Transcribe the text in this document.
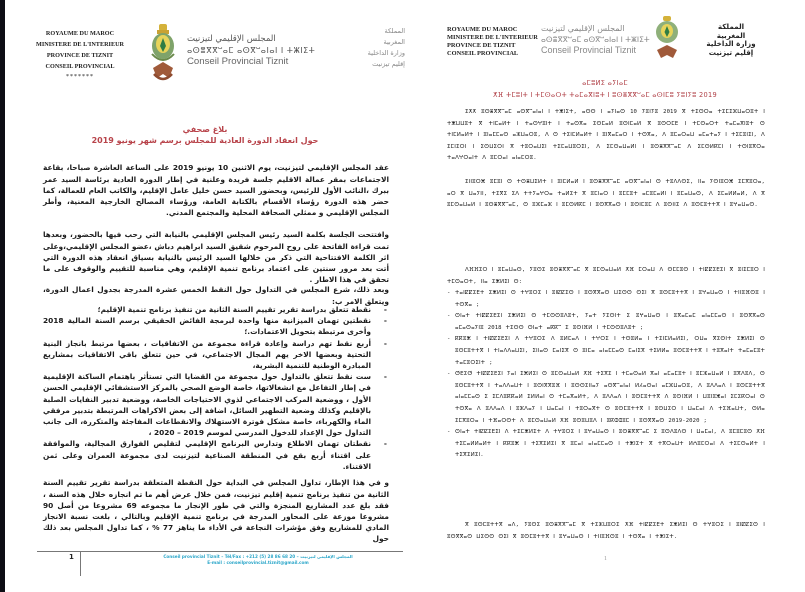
ROYAUME DU MAROC
MINISTERE DE L'INTERIEUR
PROVINCE DE TIZNIT
CONSEIL PROVINCIAL
*******
المجلس الإقليمي لتيزنيت
ⴰⵙⴻⴳⴳⵯⴰⵎ ⴰⵙⴳⵯⴰⵏⴰⵏ ⵏ ⵜⵥⵏⵉⵜ
Conseil Provincial Tiznit
المملكة
المغربية
وزارة الداخلية
إقليم تيزنيت
بلاغ صحفي
حول انعقاد الدورة العادية للمجلس برسم شهر يونيو 2019

عقد المجلس الإقليمي لتيزنيت، يوم الاثنين 10 يونيو 2019 على الساعة العاشرة صباحا، بقاعة الاجتماعات بمقر عمالة الاقليم جلسة فريدة وعلنية في إطار الدورة العادية برئاسة السيد عمر ببرك ،النائب الأول للرئيس، وبحضور السيد حسن خليل عامل الإقليم، والكاتب العام للعمالة، كما حضر هذه الدورة رؤساء الأقسام بالكتابة العامة، ورؤساء المصالح الخارجية المعنية، وأطر المجلس الإقليمي و ممثلي الصحافة المحلية والمجتمع المدني.

وافتتحت الجلسة بكلمة السيد رئيس المجلس الإقليمي بالنيابة التي رحب فيها بالحضور، وبعدها تمت قراءة الفاتحة على روح المرحوم شقيق السيد ابراهيم دباش ،عضو المجلس الإقليمي،وعلى اثر الكلمة الافتتاحية التي ذكر من خلالها السيد الرئيس بالنيابة بسياق انعقاد هذه الدورة التي أتت بعد مرور سنتين على اعتماد برنامج تنمية الإقليم، وهي مناسبة للتقييم والوقوف على ما تحقق في هذا الاطار .

وبعد ذلك، شرع المجلس في التداول حول النقط الخمس عشرة المدرجة بجدول اعمال الدورة، ويتعلق الامر ب:

-
نقطة تتعلق بدراسة تقرير تقييم السنة الثانية من تنفيذ برنامج تنمية الإقليم؛
-
نقطتين تهمان الميزانية منها واحدة لبرمجة الفائض الحقيقي برسم السنة المالية 2018 وأخرى مرتبطة بتحويل الاعتمادات.؛
-
أربع نقط تهم دراسة وإعادة قراءة مجموعة من الاتفاقيات ، بعضها مرتبط بانجاز البنية التحتية وبعضها الاخر يهم المجال الاجتماعي، في حين تتعلق باقي الاتفاقيات بمشاريع المبادرة الوطنية للتنمية البشرية،
-
ست نقط تتعلق بالتداول حول مجموعة من القضايا التي تستأثر باهتمام الساكنة الإقليمية في إطار التفاعل مع انشغالاتها، خاصة الوضع الصحي بالمركز الاستشفائي الإقليمي الحسن الأول ، ووضعية المركب الاجتماعي لذوي الاحتياجات الخاصة، ووضعية تدبير النفايات الصلبة بالإقليم وكذلك وضعية التطهير السائل، اضافة إلى بعض الاكراهات المرتبطة بتدبير مرفقي الماء والكهرباء، خاصة مشكل فوترة الاستهلاك والانقطاعات المفاجئة والمتكررة، الى جانب التداول حول الإعداد للدخول المدرسي لموسم 2019 – 2020 ،
-
نقطتان تهمان الاطلاع وتدارس البرنامج الإقليمي لتقليص الفوارق المجالية، والموافقة على اقتناء أربع بقع في المنطقة الصناعية لتيزنيت لدى مجموعة العمران وعلى ثمن الاقتناء.

و في هذا الإطار، تداول المجلس في البداية حول النقطة المتعلقة بدراسة تقرير تقييم السنة الثانية من تنفيذ برنامج تنمية إقليم تيزنيت، فمن خلال عرض أهم ما تم انجازه خلال هذه السنة ، فقد بلغ عدد المشاريع المنجزة والتي في طور الإنجاز ما مجموعه 69 مشروعا من أصل 90 مشروعا موزعة على المحاور المدرجة في برنامج تنمية الإقليم وبالتالي ، بلغت نسبة الانجاز المادي للمشاريع وفق مؤشرات النجاعة في الأداء ما يناهز 77 % ، كما تداول المجلس بعد ذلك حول

1	Conseil provincial Tiznit – Tél/Fax : +212 (5) 28 86 68 20 – المجلس الإقليمي لتيزنيت
E-mail : conseilprovincial.tiznit@gmail.com
ROYAUME DU MAROC
MINISTERE DE L'INTERIEUR
PROVINCE DE TIZNIT
CONSEIL PROVINCIAL
المجلس الإقليمي لتيزنيت
ⴰⵙⴻⴳⴳⵯⴰⵎ ⴰⵙⴳⵯⴰⵏⴰⵏ ⵏ ⵜⵥⵏⵉⵜ
Conseil Provincial Tiznit
المملكة
المغربية
وزارة الداخلية
إقليم تيزنيت
ⴰⵎⵓⵍⵉ ⴰⵢⵏⴰⵎ
ⵅⴼ ⵜⵎⵓⵏⵜ ⵏ ⵜⵎⵙⴰⵔⵜ ⵜⴰⵎⴰⴳⵏⵓⵜ ⵏ ⵓⵙⴻⴳⴳⵯⴰⵎ ⴰⵙⵏⵎⵓ ⵢⵓⵏⵢⵓ 2019

ⵉⵅⵅ ⵓⵙⴻⴳⴳⵯⴰⵎ ⴰⵙⴳⵯⴰⵏⴰⵏ ⵏ ⵜⵥⵏⵉⵜ, ⴰⵙⵙ ⵏ ⴰⵢⵏⴰⵙ 10 ⵢⵓⵏⵢⵓ 2019 ⴳ ⵜⵉⵙⵔⴰ ⵜⵉⵎⵉⵣⵡⴰⵔⵓⵜ ⵏ ⵜⵥⵡⵡⵓⵜ ⴳ ⵜⵏⵎⴰⵍⵜ ⵏ ⵜⴰⵙⵖⵓⵏⵜ ⵏ ⵜⴰⵙⴳⴰ ⵉⵙⵎⴰⵍ ⵓⵙⵏⵎⴰⵍ ⴳ ⵓⵙⵔⵎⴹ ⵏ ⵜⵎⵙⴰⵔⵜ ⵜⴰⵎⴰⴳⵏⵓⵜ ⵙ ⵜⵏⵎⵍⴰⵍⵜ ⵏ ⵓⵏⴰⵎⵎⴰⵙ ⴰⵣⵡⴰⵔⵓ, ⴷ ⵙ ⵜⵉⵏⵎⵍⴰⵍⵜ ⵏ ⵓⵏⴳⴰⵎⴰⵔ ⵏ ⵜⵙⴳⴰ, ⴷ ⵓⵎⴰⵔⴰⵡ ⴰⵎⴰⵜⴰⵢ ⵏ ⵜⵉⵎⵓⵏⵉⵏ, ⴷ ⵉⵎⵏⵉⵔⵏ ⵏ ⵉⵙⵡⵉⵔⵏ ⴳ ⵜⵓⵔⴰⵡⵉⵏ ⵜⵉⵎⴰⵡⵓⵔⵉⵏ, ⴷ ⵉⵎⵙⴰⵡⴰⵍⵏ ⵏ ⵓⵙⴻⴳⴳⵯⴰⵎ ⴷ ⵉⵎⵙⵍⴽⵎⵏ ⵏ ⵜⵙⵏⵓⴳⵔⴰ ⵜⴰⴷⵖⵔⴰⵏⵜ ⴷ ⵓⵎⵔⴰⵏ ⴰⵏⴰⵎⵔⵓ.

ⵉⵏⵏⵓⵔⵥ ⵓⵎⵓⵏ ⵙ ⵜⵙⴻⵡⵉⵍⵜ ⵏ ⵓⵏⵎⵍⴰⵍ ⵏ ⵓⵙⴻⴳⴳⵯⴰⵎ ⴰⵙⴳⵯⴰⵏⴰⵏ ⵙ ⵜⵓⴷⴷⵙⵉ, ⵏⵏⴰ ⵢⵙⵏⵓⵔⵥ ⵉⵎⴳⵓⵔⴰ, ⴰⵔ ⴳ ⵡⴰⵢⵏⵏ, ⵜⵉⴳⵉ ⵉⴷ ⵜⵜⵢⴰⵖⵔⴰ ⵜⴰⵍⵉⵜ ⴳ ⵓⵎⵏⴰⵔ ⵏ ⵓⵎⵎⵓⵜ ⴰⵎⵓⵎⴰⵍⵏ ⵏ ⵓⵎⴰⵡⴰⵙ, ⴷ ⵉⵎⴰⵍⵍⴰⵍ, ⴷ ⴳ ⵓⵎⵙⴰⵡⴰⵍ ⵏ ⵓⵙⴻⴳⴳⵯⴰⵎ, ⵙ ⵓⵣⵎⴰⵣ ⵏ ⵓⵎⵙⵍⴽⵎ ⵏ ⵓⵙⴳⴳⴰⵙ ⵏ ⵓⵙⵏⵎⵓⵎ ⴷ ⵓⵙⵏⵏⵉ ⴷ ⵓⵙⵎⵓⵜⵜⴳ ⵏ ⵓⵖⴰⵡⴰⵙ.

ⴷⴼⴼⵉⵔ ⵏ ⵓⵎⴰⵡⴰⵙ, ⵢⵓⵙⵉ ⵓⵙⴻⴳⴳⵯⴰⵎ ⴳ ⵓⵎⵙⴰⵡⴰⵍ ⵅⴼ ⵎⵔⴰⵡ ⴷ ⵙⵎⵎⵓⵙ ⵏ ⵜⵏⵇⵇⵉⴹⵉⵏ ⴳ ⵓⵏⵉⵎⵓⵔ ⵏ ⵜⵎⵙⴰⵔⵜ, ⵏⵏⴰ ⵉⵥⵍⵉⵏ ⵙ:

- ⵜⴰⵏⵇⵇⵉⴹⵜ ⵉⵥⵍⵉⵏ ⵙ ⵜⵖⵓⵔⵉ ⵏ ⵓⵏⵇⵇⵉⵙ ⵏ ⵓⵙⴳⴳⴰⵙ ⵡⵉⵙⵙ ⵙⵉⵏ ⴳ ⵓⵙⵎⵓⵜⵜⴳ ⵏ ⵓⵖⴰⵡⴰⵙ ⵏ ⵜⵏⵏⵓⴼⵙⵓ ⵏ ⵜⵙⴳⴰ ;
- ⵙⵏⴰⵜ ⵜⵏⵇⵇⵉⴹⵉⵏ ⵉⵥⵍⵉⵏ ⵙ ⵜⵎⵙⵙⵓⴷⵓⵜ, ⵢⴰⵜ ⵢⵉⵙⵏⵜ ⵉ ⵓⵖⴰⵡⴰⵙ ⵏ ⵓⴳⴰⵎⴰⵎ ⴰⵏⴰⵎⵎⴰⵙ ⵏ ⵓⵙⴳⴳⴰⵙ ⴰⵎⴰⵙⴰⵢⵏⵓ 2018 ⵜⵉⵙⵙ ⵙⵏⴰⵜ ⴰⴽⴽⵯ ⵉ ⵓⵙⵏⴼⵍ ⵏ ⵜⵎⵙⵙⵓⴷⵓⵜ ;
- ⴽⴽⵓⵥ ⵏ ⵜⵏⵇⵇⵉⴹⵉⵏ ⴷ ⵜⵖⵓⵔⵉ ⴷ ⵓⵍⵎⴰⴷ ⵏ ⵜⵖⵔⵉ ⵏ ⵜⵙⵓⵍⴰ ⵏ ⵜⵉⵏⵎⵍⴰⵍⵉⵏ, ⵔⵡⴰ ⴳⵉⵙⵏⵜ ⵉⵥⵍⵉⵏ ⵙ ⵓⵙⵎⵓⵜⵜⴳ ⵏ ⵜⵏⴰⴷⴷⴰⵡⵉⵏ, ⵉⵏⵏⴰⵙ ⵎⴰⵏⵉⴳ ⵙ ⵓⵏⵎⴰ ⴰⵏⴰⵎⵎⴰⵙ ⵎⴰⵏⵉⴳ ⵜⵉⵍⵍⴰ ⵓⵙⵎⵓⵜⵜⴳ ⵏ ⵜⵓⴳⴰⵏⵜ ⵜⴰⵎⴰⵎⵓⵜ ⵜⴰⵎⵓⵔⵉⵏⵜ ;
- ⵚⴹⵉⵚ ⵜⵏⵇⵇⵉⴹⵉⵏ ⵢⴰⵏ ⵉⵥⵍⵉⵏ ⵙ ⵓⵎⵙⴰⵡⴰⵍ ⵅⴼ ⵜⵉⴳⵉ ⵏ ⵜⵎⴰⵙⴰⵍ ⴳⴰⵏ ⴰⵎⴰⵎⵓⵜ ⵏ ⵓⵎⵣⴰⵡⴰⵍ ⵏ ⵓⴳⴷⵓⴷ, ⵙ ⵓⵙⵎⵓⵜⵜⴳ ⵏ ⵜⴰⴷⴷⴰⵡⵜ ⵏ ⵓⵙⵏⴳⴳⵓⴼ ⵏ ⵓⵙⵙⵉⵏⵏⴰⵢ ⴰⵙⴳⵯⴰⵏⴰⵏ ⵍⵃⴰⵙⴰⵏ ⴰⵎⵣⵡⴰⵔⵓ, ⴷ ⵓⴷⴷⴰⴷ ⵏ ⵓⵙⵎⵓⵜⵜⴳ ⴰⵏⴰⵎⵎⴰⵙ ⵉ ⵉⵎⴷⵓⴽⴽⴰⵍ ⵉⵍⵍⴰⵏ ⵙ ⵜⵎⴰⴳⴰⵍⵜ, ⴷ ⵓⴷⴷⴰⴷ ⵏ ⵓⵙⵎⵓⵜⵜⴳ ⴷ ⵓⵙⵏⴼⵍ ⵏ ⵡⵓⵏⵓⵥⴰⵏ ⵉⵎⵉⴽⵔⴰⵏ ⵙ ⵜⵙⴳⴰ ⴷ ⵓⴷⴷⴰⴷ ⵏ ⵓⵣⴷⴰⵢ ⵏ ⵡⴰⵎⴰⵏ ⵏ ⵜⵓⵔⴰⴳⵜ ⵙ ⵓⵙⵎⵓⵜⵜⴳ ⵏ ⵓⵙⵡⵉⵔ ⵏ ⵡⴰⵎⴰⵏ ⴷ ⵜⵉⴼⴰⵡⵜ, ⵙⵍⴰ ⵉⵎⴳⵓⵔⴰ ⵏ ⵜⴼⴰⵔⵙⵜ ⴷ ⵓⵎⵙⴰⵡⴰⵍ ⵅⴼ ⵓⵙⵓⵡⵓⴷ ⵏ ⵓⴽⵛⵛⵓⵎ ⵏ ⵓⵙⴳⴳⴰⵙ 2019-2020 ;
- ⵙⵏⴰⵜ ⵜⵏⵇⵇⵉⴹⵉⵏ ⴷ ⵜⵉⵎⵥⵍⵉⵜ ⴷ ⵜⵖⵓⵔⵉ ⵏ ⵓⵖⴰⵡⴰⵙ ⵏ ⵓⵙⴻⴳⴳⵯⴰⵎ ⵉ ⵓⵙⴷⵓⴷⵙ ⵏ ⵡⴰⵎⴰⵏ, ⴷ ⵓⵎⵓⵎⵓⵙ ⵅⴼ ⵜⵉⵎⴰⵍⵍⴰⵍⵜ ⵏ ⴽⴽⵓⵥ ⵏ ⵜⵉⴳⵉⵍⵉⵏ ⴳ ⵓⵎⴰⵏ ⴰⵏⴰⵎⵎⴰⵙ ⵏ ⵜⵥⵏⵉⵜ ⴳ ⵜⴳⵔⴰⵡⵜ ⵍⵄⵓⵎⵔⴰⵏ ⴷ ⵜⵉⵎⵙⴰⵍⵜ ⵏ ⵜⵉⴳⵉⵍⵉⵏ.

ⴳ ⵓⵙⵎⵓⵜⵜⴳ ⴰⴷ, ⵢⵓⵙⵉ ⵓⵙⴻⴳⴳⵯⴰⵎ ⴳ ⵜⵉⵣⵡⵓⵔⵉ ⵅⴼ ⵜⵏⵇⵇⵉⴹⵜ ⵉⵥⵍⵉⵏ ⵙ ⵜⵖⵓⵔⵉ ⵏ ⵓⵏⵇⵇⵉⵙ ⵏ ⵓⵙⴳⴳⴰⵙ ⵡⵉⵙⵙ ⵙⵉⵏ ⴳ ⵓⵙⵎⵓⵜⵜⴳ ⵏ ⵓⵖⴰⵡⴰⵙ ⵏ ⵜⵏⵏⵓⴼⵙⵓ ⵏ ⵜⵙⴳⴰ ⵏ ⵜⵥⵏⵉⵜ.

1
